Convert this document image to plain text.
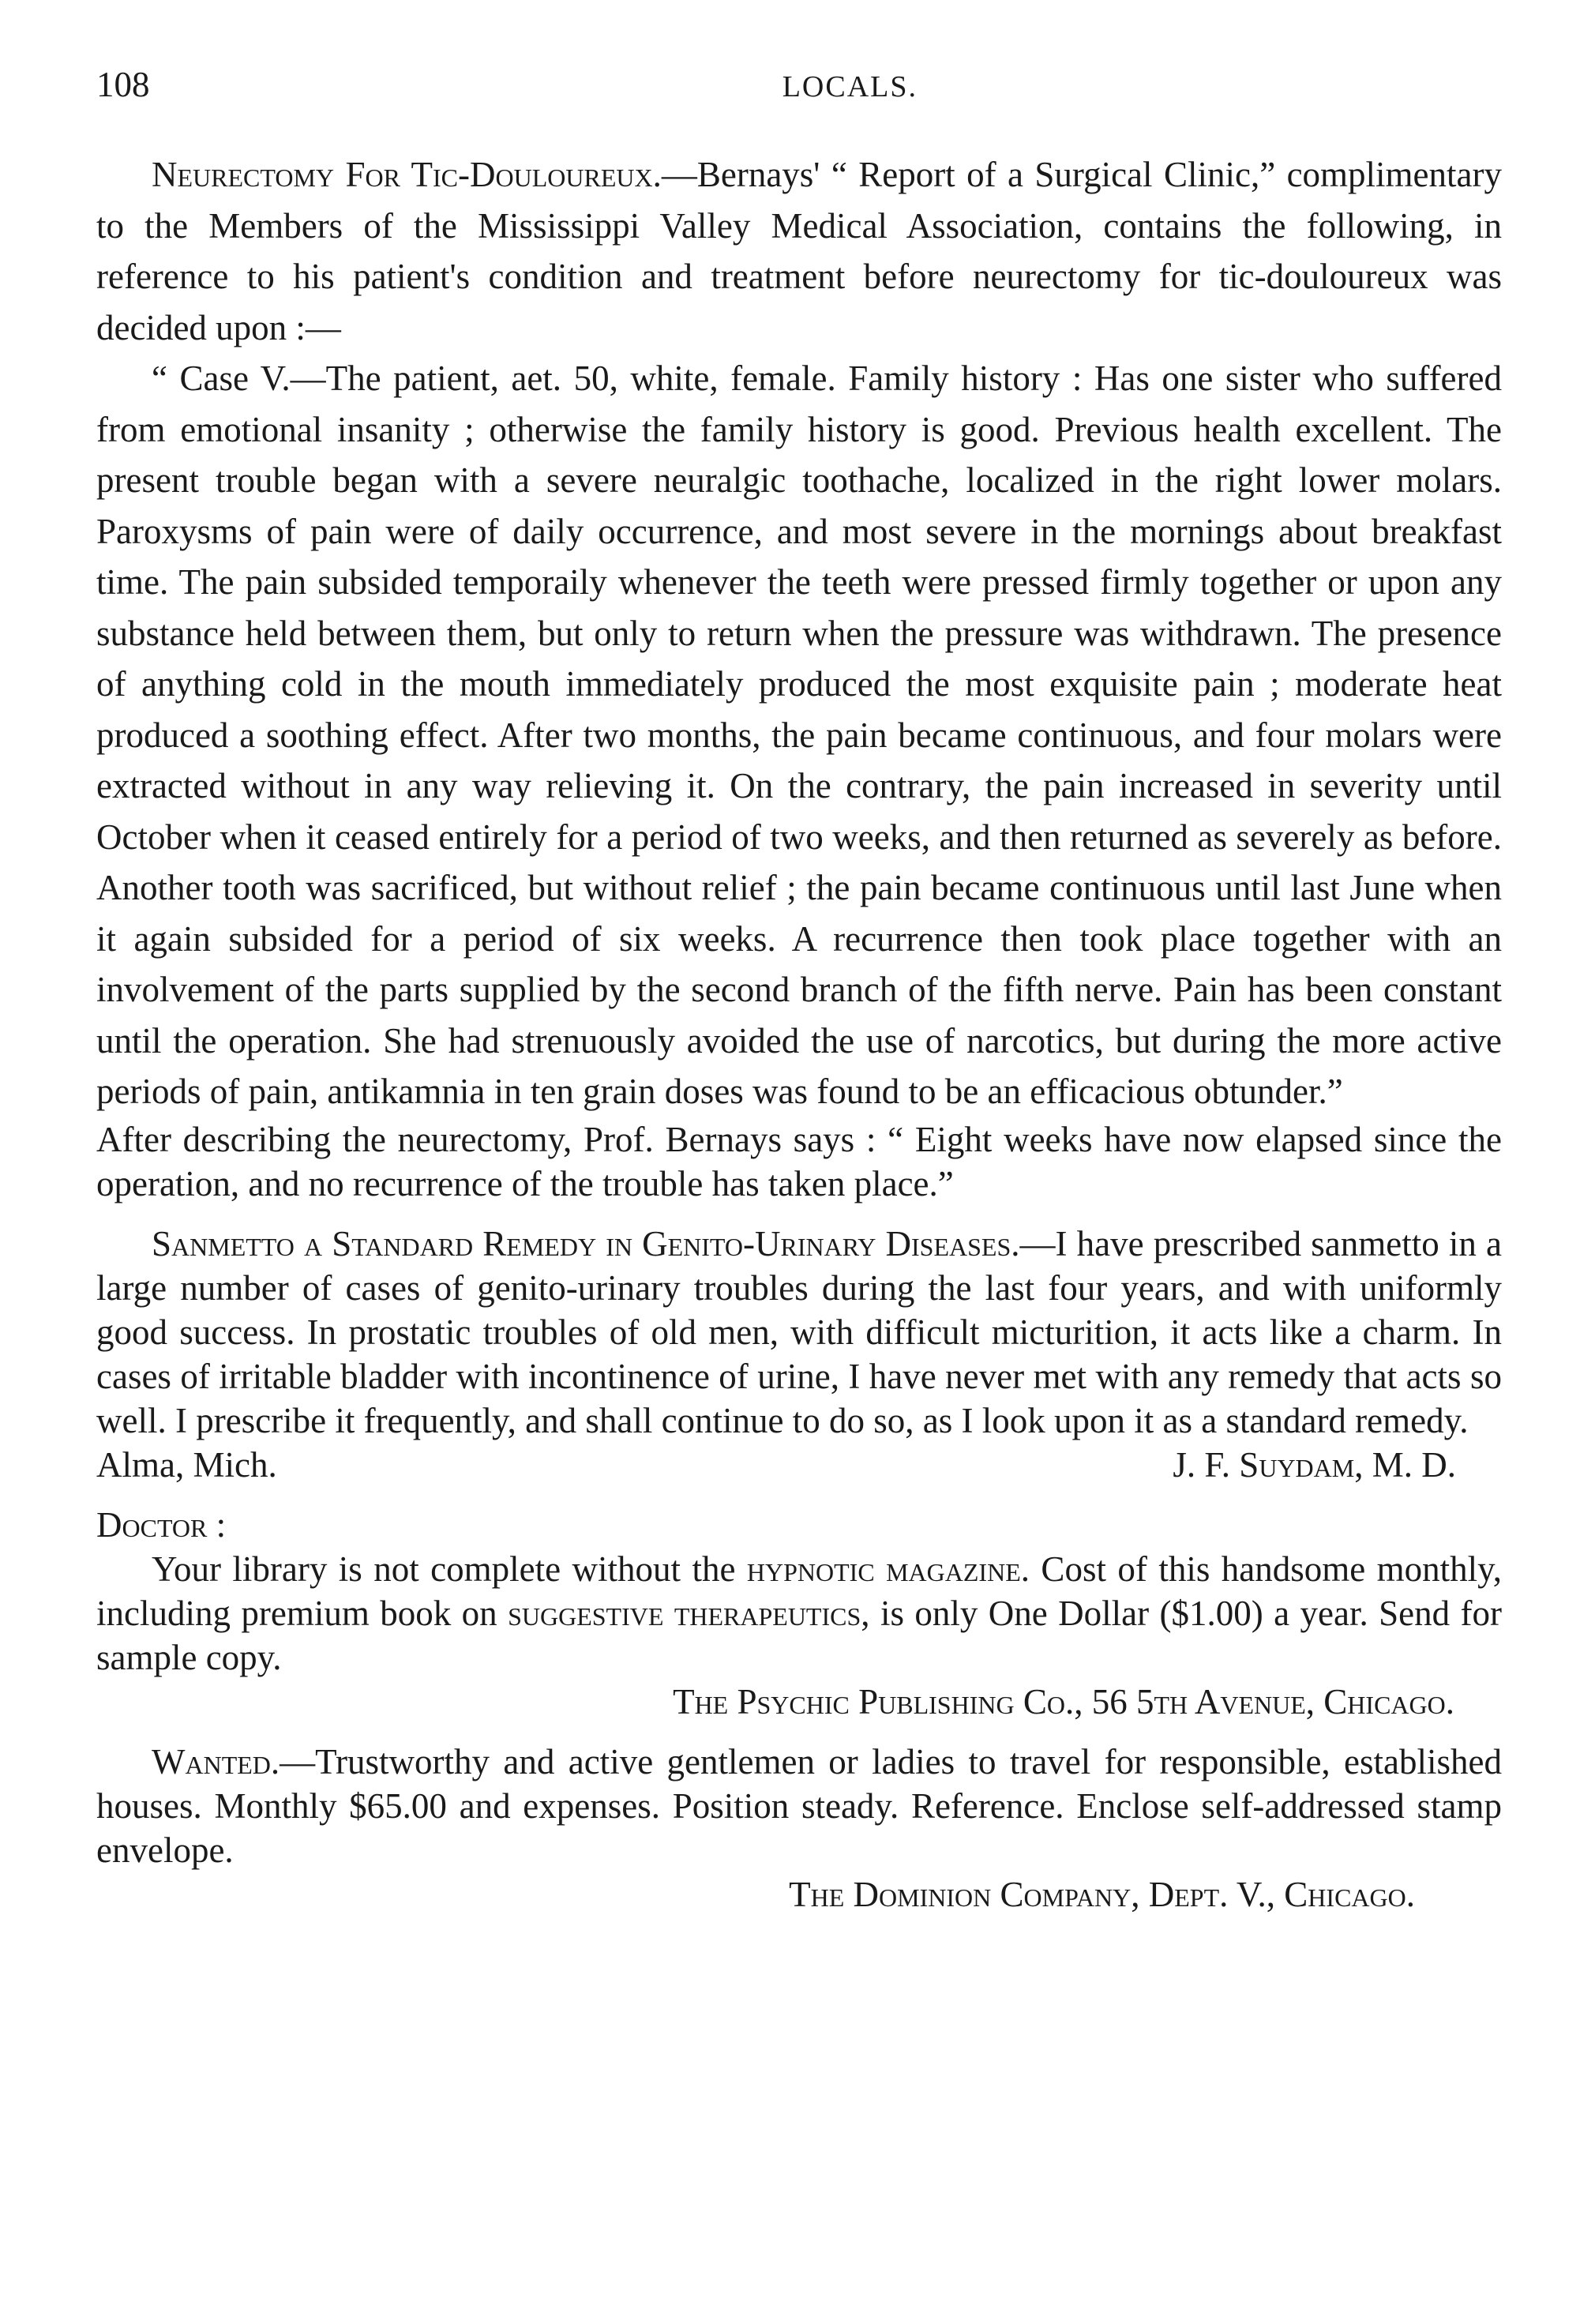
108	LOCALS.

Neurectomy For Tic-Douloureux.—Bernays' “ Report of a Surgical Clinic,” complimentary to the Members of the Mississippi Valley Medical Association, contains the following, in reference to his patient's condition and treatment before neurectomy for tic-douloureux was decided upon :—

“ Case V.—The patient, aet. 50, white, female. Family history : Has one sister who suffered from emotional insanity ; otherwise the family history is good. Previous health excellent. The present trouble began with a severe neuralgic toothache, localized in the right lower molars. Paroxysms of pain were of daily occurrence, and most severe in the mornings about breakfast time. The pain subsided temporaily whenever the teeth were pressed firmly together or upon any substance held between them, but only to return when the pressure was withdrawn. The presence of anything cold in the mouth immediately produced the most exquisite pain ; moderate heat produced a soothing effect. After two months, the pain became continuous, and four molars were extracted without in any way relieving it. On the contrary, the pain increased in severity until October when it ceased entirely for a period of two weeks, and then returned as severely as before. Another tooth was sacrificed, but without relief ; the pain became continuous until last June when it again subsided for a period of six weeks. A recurrence then took place together with an involvement of the parts supplied by the second branch of the fifth nerve. Pain has been constant until the operation. She had strenuously avoided the use of narcotics, but during the more active periods of pain, antikamnia in ten grain doses was found to be an efficacious obtunder.”

After describing the neurectomy, Prof. Bernays says : “ Eight weeks have now elapsed since the operation, and no recurrence of the trouble has taken place.”

Sanmetto a Standard Remedy in Genito-Urinary Diseases.—I have prescribed sanmetto in a large number of cases of genito-urinary troubles during the last four years, and with uniformly good success. In prostatic troubles of old men, with difficult micturition, it acts like a charm. In cases of irritable bladder with incontinence of urine, I have never met with any remedy that acts so well. I prescribe it frequently, and shall continue to do so, as I look upon it as a standard remedy.

Alma, Mich.	J. F. Suydam, M. D.

Doctor :

Your library is not complete without the hypnotic magazine. Cost of this handsome monthly, including premium book on suggestive therapeutics, is only One Dollar ($1.00) a year. Send for sample copy.

The Psychic Publishing Co., 56 5th Avenue, Chicago.

Wanted.—Trustworthy and active gentlemen or ladies to travel for responsible, established houses. Monthly $65.00 and expenses. Position steady. Reference. Enclose self-addressed stamp envelope.

The Dominion Company, Dept. V., Chicago.
